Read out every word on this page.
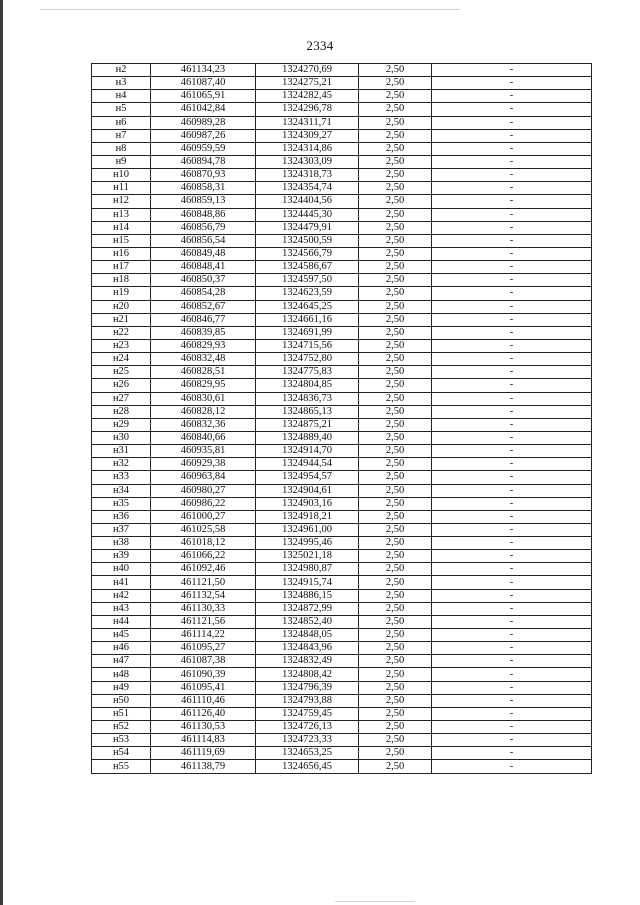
2334
н2	461134,23	1324270,69	2,50	-
н3	461087,40	1324275,21	2,50	-
н4	461065,91	1324282,45	2,50	-
н5	461042,84	1324296,78	2,50	-
н6	460989,28	1324311,71	2,50	-
н7	460987,26	1324309,27	2,50	-
н8	460959,59	1324314,86	2,50	-
н9	460894,78	1324303,09	2,50	-
н10	460870,93	1324318,73	2,50	-
н11	460858,31	1324354,74	2,50	-
н12	460859,13	1324404,56	2,50	-
н13	460848,86	1324445,30	2,50	-
н14	460856,79	1324479,91	2,50	-
н15	460856,54	1324500,59	2,50	-
н16	460849,48	1324566,79	2,50	-
н17	460848,41	1324586,67	2,50	-
н18	460850,37	1324597,50	2,50	-
н19	460854,28	1324623,59	2,50	-
н20	460852,67	1324645,25	2,50	-
н21	460846,77	1324661,16	2,50	-
н22	460839,85	1324691,99	2,50	-
н23	460829,93	1324715,56	2,50	-
н24	460832,48	1324752,80	2,50	-
н25	460828,51	1324775,83	2,50	-
н26	460829,95	1324804,85	2,50	-
н27	460830,61	1324836,73	2,50	-
н28	460828,12	1324865,13	2,50	-
н29	460832,36	1324875,21	2,50	-
н30	460840,66	1324889,40	2,50	-
н31	460935,81	1324914,70	2,50	-
н32	460929,38	1324944,54	2,50	-
н33	460963,84	1324954,57	2,50	-
н34	460980,27	1324904,61	2,50	-
н35	460986,22	1324903,16	2,50	-
н36	461000,27	1324918,21	2,50	-
н37	461025,58	1324961,00	2,50	-
н38	461018,12	1324995,46	2,50	-
н39	461066,22	1325021,18	2,50	-
н40	461092,46	1324980,87	2,50	-
н41	461121,50	1324915,74	2,50	-
н42	461132,54	1324886,15	2,50	-
н43	461130,33	1324872,99	2,50	-
н44	461121,56	1324852,40	2,50	-
н45	461114,22	1324848,05	2,50	-
н46	461095,27	1324843,96	2,50	-
н47	461087,38	1324832,49	2,50	-
н48	461090,39	1324808,42	2,50	-
н49	461095,41	1324796,39	2,50	-
н50	461110,46	1324793,88	2,50	-
н51	461126,40	1324759,45	2,50	-
н52	461130,53	1324726,13	2,50	-
н53	461114,83	1324723,33	2,50	-
н54	461119,69	1324653,25	2,50	-
н55	461138,79	1324656,45	2,50	-
